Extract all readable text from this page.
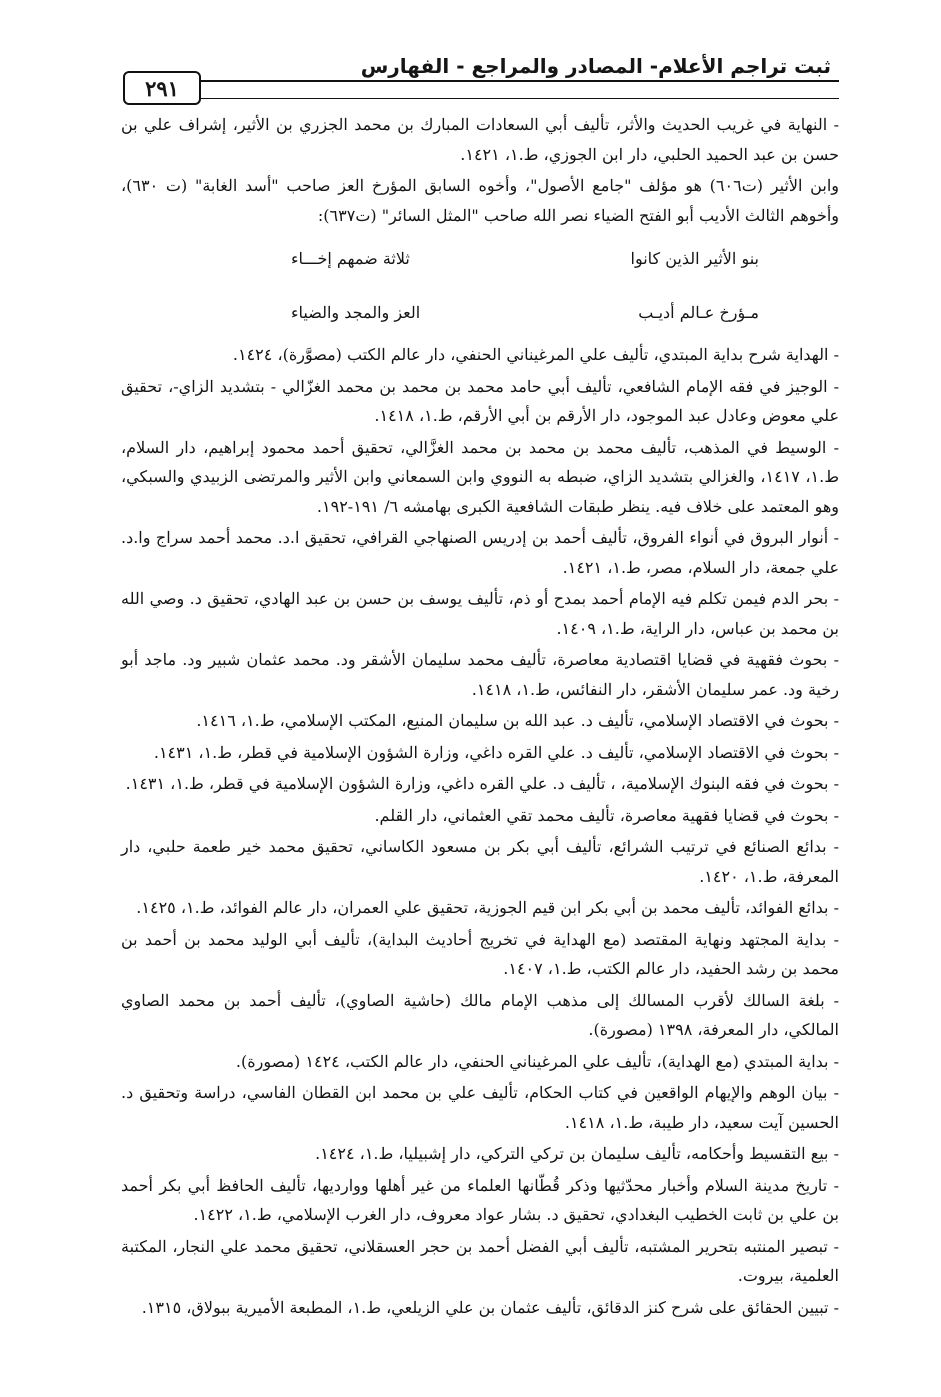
ثبت تراجم الأعلام- المصادر والمراجع - الفهارس
٢٩١

- النهاية في غريب الحديث والأثر، تأليف أبي السعادات المبارك بن محمد الجزري بن الأثير، إشراف علي بن حسن بن عبد الحميد الحلبي، دار ابن الجوزي، ط.١، ١٤٢١.

وابن الأثير (ت٦٠٦) هو مؤلف "جامع الأصول"، وأخوه السابق المؤرخ العز صاحب "أسد الغابة" (ت ٦٣٠)، وأخوهم الثالث الأديب أبو الفتح الضياء نصر الله صاحب "المثل السائر" (ت٦٣٧):

بنو الأثير الذين كانوا
ثلاثة ضمهم إخـــاء
مـؤرخ عـالم أديـب
العز والمجد والضياء

- الهداية شرح بداية المبتدي، تأليف علي المرغيناني الحنفي، دار عالم الكتب (مصوَّرة)، ١٤٢٤.

- الوجيز في فقه الإمام الشافعي، تأليف أبي حامد محمد بن محمد بن محمد الغزّالي - بتشديد الزاي-، تحقيق علي معوض وعادل عبد الموجود، دار الأرقم بن أبي الأرقم، ط.١، ١٤١٨.

- الوسيط في المذهب، تأليف محمد بن محمد بن محمد الغزَّالي، تحقيق أحمد محمود إبراهيم، دار السلام، ط.١، ١٤١٧، والغزالي بتشديد الزاي، ضبطه به النووي وابن السمعاني وابن الأثير والمرتضى الزبيدي والسبكي، وهو المعتمد على خلاف فيه. ينظر طبقات الشافعية الكبرى بهامشه ٦/ ١٩١-١٩٢.

- أنوار البروق في أنواء الفروق، تأليف أحمد بن إدريس الصنهاجي القرافي، تحقيق ا.د. محمد أحمد سراج وا.د. علي جمعة، دار السلام، مصر، ط.١، ١٤٢١.

- بحر الدم فيمن تكلم فيه الإمام أحمد بمدح أو ذم، تأليف يوسف بن حسن بن عبد الهادي، تحقيق د. وصي الله بن محمد بن عباس، دار الراية، ط.١، ١٤٠٩.

- بحوث فقهية في قضايا اقتصادية معاصرة، تأليف محمد سليمان الأشقر ود. محمد عثمان شبير ود. ماجد أبو رخية ود. عمر سليمان الأشقر، دار النفائس، ط.١، ١٤١٨.

- بحوث في الاقتصاد الإسلامي، تأليف د. عبد الله بن سليمان المنيع، المكتب الإسلامي، ط.١، ١٤١٦.

- بحوث في الاقتصاد الإسلامي، تأليف د. علي القره داغي، وزارة الشؤون الإسلامية في قطر، ط.١، ١٤٣١.

- بحوث في فقه البنوك الإسلامية، ، تأليف د. علي القره داغي، وزارة الشؤون الإسلامية في قطر، ط.١، ١٤٣١.

- بحوث في قضايا فقهية معاصرة، تأليف محمد تقي العثماني، دار القلم.

- بدائع الصنائع في ترتيب الشرائع، تأليف أبي بكر بن مسعود الكاساني، تحقيق محمد خير طعمة حلبي، دار المعرفة، ط.١، ١٤٢٠.

- بدائع الفوائد، تأليف محمد بن أبي بكر ابن قيم الجوزية، تحقيق علي العمران، دار عالم الفوائد، ط.١، ١٤٢٥.

- بداية المجتهد ونهاية المقتصد (مع الهداية في تخريج أحاديث البداية)، تأليف أبي الوليد محمد بن أحمد بن محمد بن رشد الحفيد، دار عالم الكتب، ط.١، ١٤٠٧.

- بلغة السالك لأقرب المسالك إلى مذهب الإمام مالك (حاشية الصاوي)، تأليف أحمد بن محمد الصاوي المالكي، دار المعرفة، ١٣٩٨ (مصورة).

- بداية المبتدي (مع الهداية)، تأليف علي المرغيناني الحنفي، دار عالم الكتب، ١٤٢٤ (مصورة).

- بيان الوهم والإيهام الواقعين في كتاب الحكام، تأليف علي بن محمد ابن القطان الفاسي، دراسة وتحقيق د. الحسين آيت سعيد، دار طيبة، ط.١، ١٤١٨.

- بيع التقسيط وأحكامه، تأليف سليمان بن تركي التركي، دار إشبيليا، ط.١، ١٤٢٤.

- تاريخ مدينة السلام وأخبار محدّثيها وذكر قُطّانها العلماء من غير أهلها ووارديها، تأليف الحافظ أبي بكر أحمد بن علي بن ثابت الخطيب البغدادي، تحقيق د. بشار عواد معروف، دار الغرب الإسلامي، ط.١، ١٤٢٢.

- تبصير المنتبه بتحرير المشتبه، تأليف أبي الفضل أحمد بن حجر العسقلاني، تحقيق محمد علي النجار، المكتبة العلمية، بيروت.

- تبيين الحقائق على شرح كنز الدقائق، تأليف عثمان بن علي الزيلعي، ط.١، المطبعة الأميرية ببولاق، ١٣١٥.
